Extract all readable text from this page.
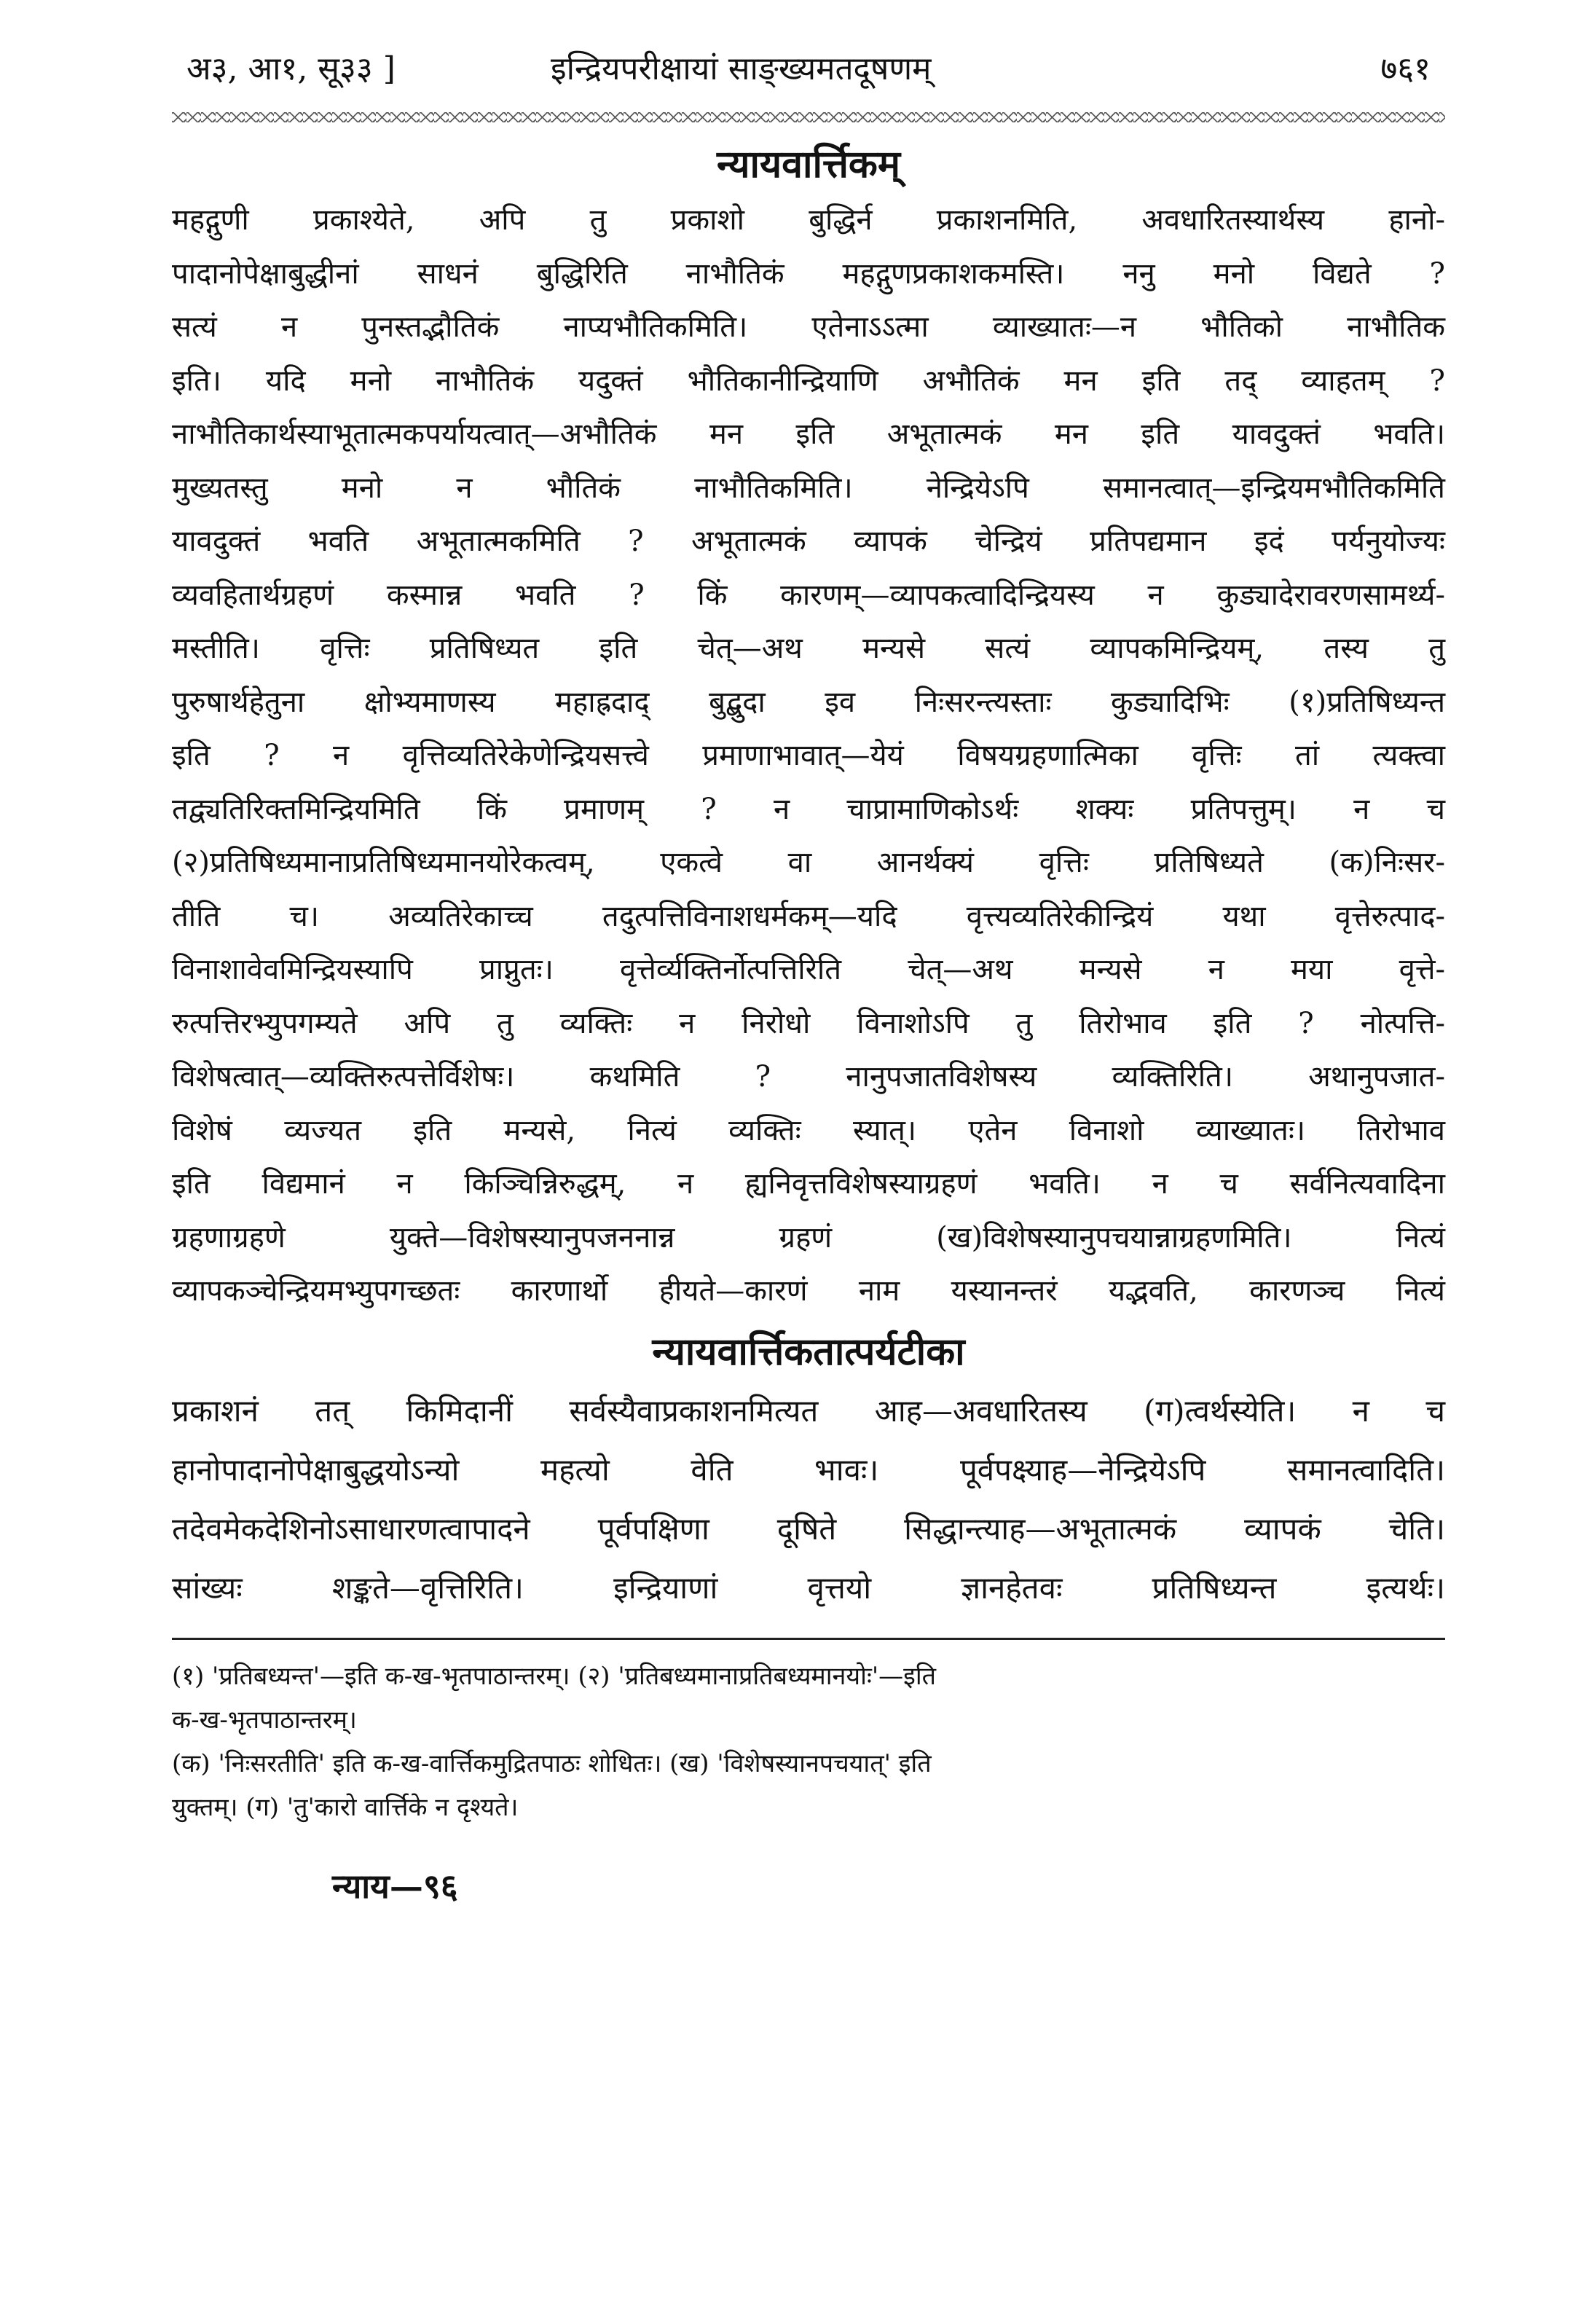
अ३, आ१, सू३३ ]	इन्द्रियपरीक्षायां साङ्ख्यमतदूषणम्	७६१
न्यायवार्त्तिकम्
महद्गुणी प्रकाश्येते, अपि तु प्रकाशो बुद्धिर्न प्रकाशनमिति, अवधारितस्यार्थस्य हानो-
पादानोपेक्षाबुद्धीनां साधनं बुद्धिरिति नाभौतिकं महद्गुणप्रकाशकमस्ति। ननु मनो विद्यते ?
सत्यं न पुनस्तद्भौतिकं नाप्यभौतिकमिति। एतेनाऽऽत्मा व्याख्यातः—न भौतिको नाभौतिक
इति। यदि मनो नाभौतिकं यदुक्तं भौतिकानीन्द्रियाणि अभौतिकं मन इति तद् व्याहतम् ?
नाभौतिकार्थस्याभूतात्मकपर्यायत्वात्—अभौतिकं मन इति अभूतात्मकं मन इति यावदुक्तं भवति।
मुख्यतस्तु मनो न भौतिकं नाभौतिकमिति। नेन्द्रियेऽपि समानत्वात्—इन्द्रियमभौतिकमिति
यावदुक्तं भवति अभूतात्मकमिति ? अभूतात्मकं व्यापकं चेन्द्रियं प्रतिपद्यमान इदं पर्यनुयोज्यः
व्यवहितार्थग्रहणं कस्मान्न भवति ? किं कारणम्—व्यापकत्वादिन्द्रियस्य न कुड्यादेरावरणसामर्थ्य-
मस्तीति। वृत्तिः प्रतिषिध्यत इति चेत्—अथ मन्यसे सत्यं व्यापकमिन्द्रियम्, तस्य तु
पुरुषार्थहेतुना क्षोभ्यमाणस्य महाह्रदाद् बुद्बुदा इव निःसरन्त्यस्ताः कुड्यादिभिः (१)प्रतिषिध्यन्त
इति ? न वृत्तिव्यतिरेकेणेन्द्रियसत्त्वे प्रमाणाभावात्—येयं विषयग्रहणात्मिका वृत्तिः तां त्यक्त्वा
तद्व्यतिरिक्तमिन्द्रियमिति किं प्रमाणम् ? न चाप्रामाणिकोऽर्थः शक्यः प्रतिपत्तुम्। न च
(२)प्रतिषिध्यमानाप्रतिषिध्यमानयोरेकत्वम्, एकत्वे वा आनर्थक्यं वृत्तिः प्रतिषिध्यते (क)निःसर-
तीति च। अव्यतिरेकाच्च तदुत्पत्तिविनाशधर्मकम्—यदि वृत्त्यव्यतिरेकीन्द्रियं यथा वृत्तेरुत्पाद-
विनाशावेवमिन्द्रियस्यापि प्राप्नुतः। वृत्तेर्व्यक्तिर्नोत्पत्तिरिति चेत्—अथ मन्यसे न मया वृत्ते-
रुत्पत्तिरभ्युपगम्यते अपि तु व्यक्तिः न निरोधो विनाशोऽपि तु तिरोभाव इति ? नोत्पत्ति-
विशेषत्वात्—व्यक्तिरुत्पत्तेर्विशेषः। कथमिति ? नानुपजातविशेषस्य व्यक्तिरिति। अथानुपजात-
विशेषं व्यज्यत इति मन्यसे, नित्यं व्यक्तिः स्यात्। एतेन विनाशो व्याख्यातः। तिरोभाव
इति विद्यमानं न किञ्चिन्निरुद्धम्, न ह्यनिवृत्तविशेषस्याग्रहणं भवति। न च सर्वनित्यवादिना
ग्रहणाग्रहणे युक्ते—विशेषस्यानुपजननान्न ग्रहणं (ख)विशेषस्यानुपचयान्नाग्रहणमिति। नित्यं
व्यापकञ्चेन्द्रियमभ्युपगच्छतः कारणार्थो हीयते—कारणं नाम यस्यानन्तरं यद्भवति, कारणञ्च नित्यं
न्यायवार्त्तिकतात्पर्यटीका
प्रकाशनं तत् किमिदानीं सर्वस्यैवाप्रकाशनमित्यत आह—अवधारितस्य (ग)त्वर्थस्येति। न च
हानोपादानोपेक्षाबुद्धयोऽन्यो महत्यो वेति भावः। पूर्वपक्ष्याह—नेन्द्रियेऽपि समानत्वादिति।
तदेवमेकदेशिनोऽसाधारणत्वापादने पूर्वपक्षिणा दूषिते सिद्धान्त्याह—अभूतात्मकं व्यापकं चेति।
सांख्यः शङ्कते—वृत्तिरिति। इन्द्रियाणां वृत्तयो ज्ञानहेतवः प्रतिषिध्यन्त इत्यर्थः।
(१) 'प्रतिबध्यन्त'—इति क-ख-भृतपाठान्तरम्। (२) 'प्रतिबध्यमानाप्रतिबध्यमानयोः'—इति
क-ख-भृतपाठान्तरम्।
(क) 'निःसरतीति' इति क-ख-वार्त्तिकमुद्रितपाठः शोधितः। (ख) 'विशेषस्यानपचयात्' इति
युक्तम्। (ग) 'तु'कारो वार्त्तिके न दृश्यते।
न्याय—९६
